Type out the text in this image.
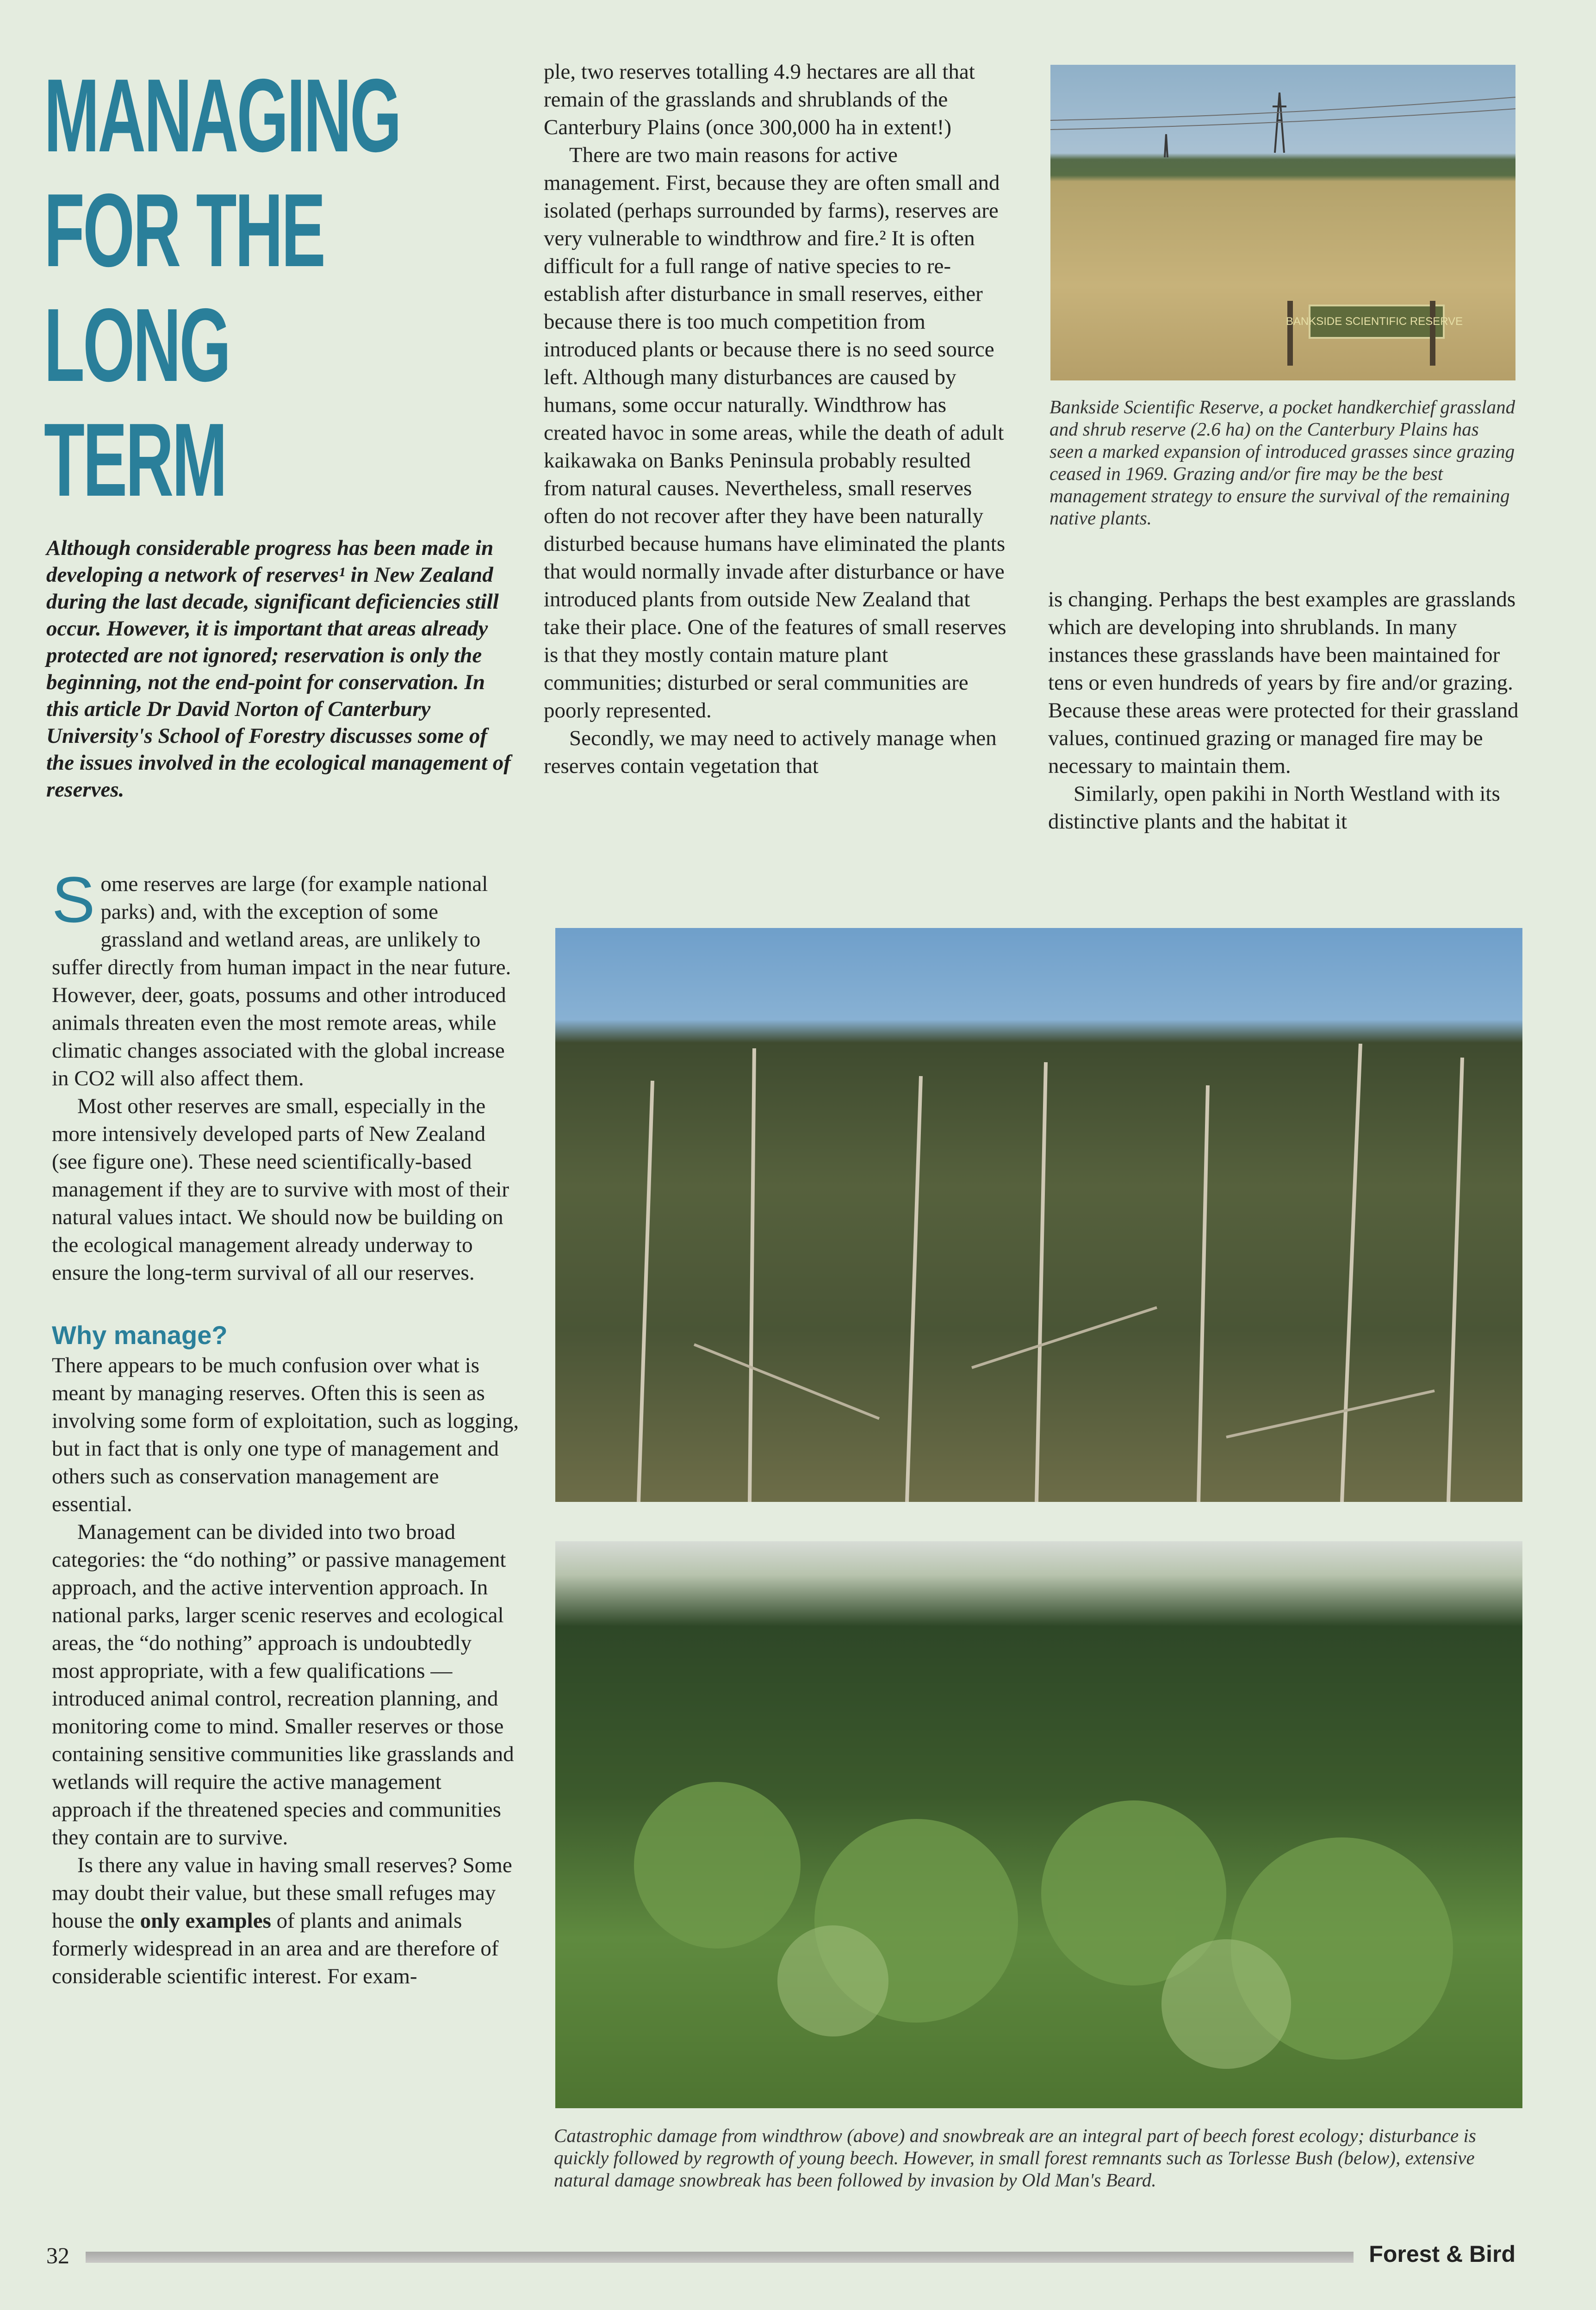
MANAGING
FOR THE
LONG
TERM
Although considerable progress has been made in developing a network of reserves¹ in New Zealand during the last decade, significant deficiencies still occur. However, it is important that areas already protected are not ignored; reservation is only the beginning, not the end-point for conservation. In this article Dr David Norton of Canterbury University's School of Forestry discusses some of the issues involved in the ecological management of reserves.

Some reserves are large (for example national parks) and, with the exception of some grassland and wetland areas, are unlikely to suffer directly from human impact in the near future. However, deer, goats, possums and other introduced animals threaten even the most remote areas, while climatic changes associated with the global increase in CO2 will also affect them.

Most other reserves are small, especially in the more intensively developed parts of New Zealand (see figure one). These need scientifically-based management if they are to survive with most of their natural values intact. We should now be building on the ecological management already underway to ensure the long-term survival of all our reserves.

Why manage?

There appears to be much confusion over what is meant by managing reserves. Often this is seen as involving some form of exploitation, such as logging, but in fact that is only one type of management and others such as conservation management are essential.

Management can be divided into two broad categories: the “do nothing” or passive management approach, and the active intervention approach. In national parks, larger scenic reserves and ecological areas, the “do nothing” approach is undoubtedly most appropriate, with a few qualifications — introduced animal control, recreation planning, and monitoring come to mind. Smaller reserves or those containing sensitive communities like grasslands and wetlands will require the active management approach if the threatened species and communities they contain are to survive.

Is there any value in having small reserves? Some may doubt their value, but these small refuges may house the only examples of plants and animals formerly widespread in an area and are therefore of considerable scientific interest. For exam-

ple, two reserves totalling 4.9 hectares are all that remain of the grasslands and shrublands of the Canterbury Plains (once 300,000 ha in extent!)

There are two main reasons for active management. First, because they are often small and isolated (perhaps surrounded by farms), reserves are very vulnerable to windthrow and fire.² It is often difficult for a full range of native species to re-establish after disturbance in small reserves, either because there is too much competition from introduced plants or because there is no seed source left. Although many disturbances are caused by humans, some occur naturally. Windthrow has created havoc in some areas, while the death of adult kaikawaka on Banks Peninsula probably resulted from natural causes. Nevertheless, small reserves often do not recover after they have been naturally disturbed because humans have eliminated the plants that would normally invade after disturbance or have introduced plants from outside New Zealand that take their place. One of the features of small reserves is that they mostly contain mature plant communities; disturbed or seral communities are poorly represented.

Secondly, we may need to actively manage when reserves contain vegetation that

BANKSIDE SCIENTIFIC RESERVE
Bankside Scientific Reserve, a pocket handkerchief grassland and shrub reserve (2.6 ha) on the Canterbury Plains has seen a marked expansion of introduced grasses since grazing ceased in 1969. Grazing and/or fire may be the best management strategy to ensure the survival of the remaining native plants.

is changing. Perhaps the best examples are grasslands which are developing into shrublands. In many instances these grasslands have been maintained for tens or even hundreds of years by fire and/or grazing. Because these areas were protected for their grassland values, continued grazing or managed fire may be necessary to maintain them.

Similarly, open pakihi in North Westland with its distinctive plants and the habitat it

Catastrophic damage from windthrow (above) and snowbreak are an integral part of beech forest ecology; disturbance is quickly followed by regrowth of young beech. However, in small forest remnants such as Torlesse Bush (below), extensive natural damage snowbreak has been followed by invasion by Old Man's Beard.
32	Forest & Bird
